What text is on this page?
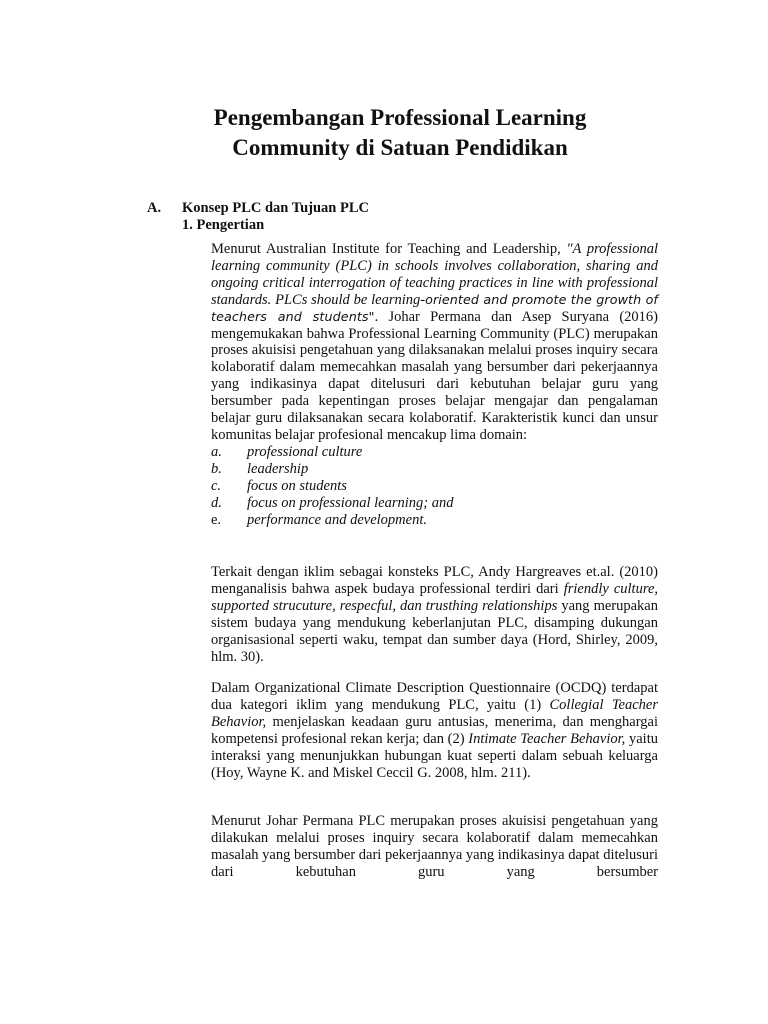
Pengembangan Professional Learning
Community di Satuan Pendidikan
A. Konsep PLC dan Tujuan PLC
1. Pengertian

Menurut Australian Institute for Teaching and Leadership, "A professional learning community (PLC) in schools involves collaboration, sharing and ongoing critical interrogation of teaching practices in line with professional standards. PLCs should be learning-oriented and promote the growth of teachers and students". Johar Permana dan Asep Suryana (2016) mengemukakan bahwa Professional Learning Community (PLC) merupakan proses akuisisi pengetahuan yang dilaksanakan melalui proses inquiry secara kolaboratif dalam memecahkan masalah yang bersumber dari pekerjaannya yang indikasinya dapat ditelusuri dari kebutuhan belajar guru yang bersumber pada kepentingan proses belajar mengajar dan pengalaman belajar guru dilaksanakan secara kolaboratif. Karakteristik kunci dan unsur komunitas belajar profesional mencakup lima domain:

a.	professional culture
b.	leadership
c.	focus on students
d.	focus on professional learning; and
e.	performance and development.

Terkait dengan iklim sebagai konsteks PLC, Andy Hargreaves et.al. (2010) menganalisis bahwa aspek budaya professional terdiri dari friendly culture, supported strucuture, respecful, dan trusthing relationships yang merupakan sistem budaya yang mendukung keberlanjutan PLC, disamping dukungan organisasional seperti waku, tempat dan sumber daya (Hord, Shirley, 2009, hlm. 30).

Dalam Organizational Climate Description Questionnaire (OCDQ) terdapat dua kategori iklim yang mendukung PLC, yaitu (1) Collegial Teacher Behavior, menjelaskan keadaan guru antusias, menerima, dan menghargai kompetensi profesional rekan kerja; dan (2) Intimate Teacher Behavior, yaitu interaksi yang menunjukkan hubungan kuat seperti dalam sebuah keluarga (Hoy, Wayne K. and Miskel Ceccil G. 2008, hlm. 211).

Menurut Johar Permana PLC merupakan proses akuisisi pengetahuan yang dilakukan melalui proses inquiry secara kolaboratif dalam memecahkan masalah yang bersumber dari pekerjaannya yang indikasinya dapat ditelusuri dari kebutuhan guru yang bersumber
